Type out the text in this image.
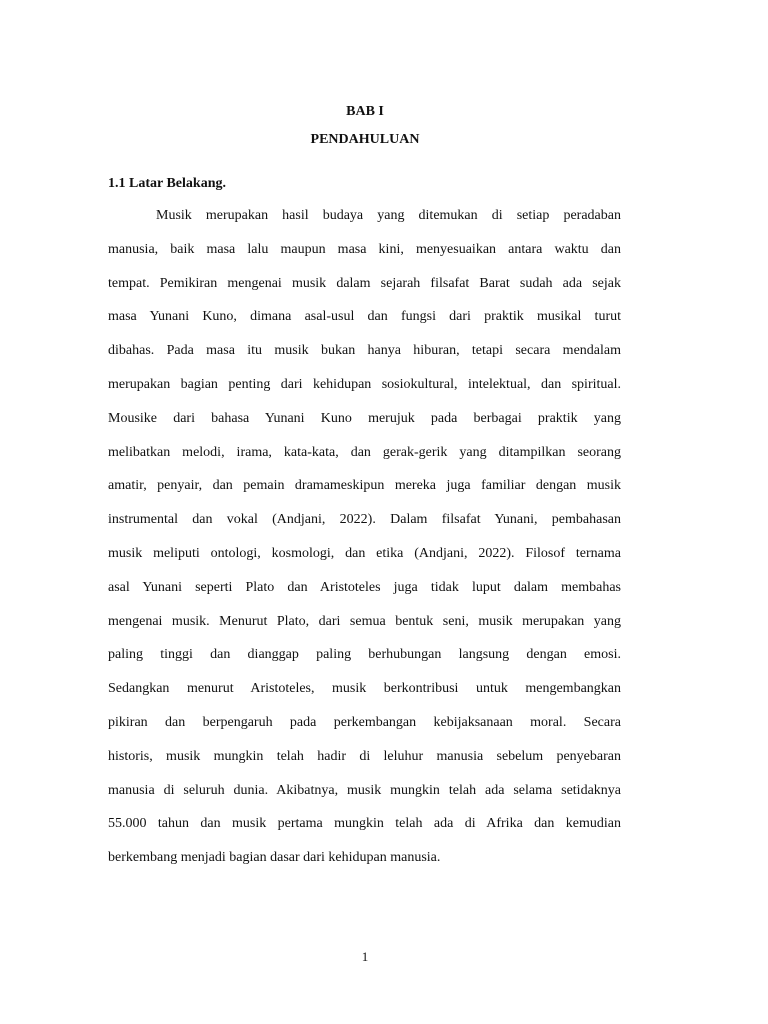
BAB I
PENDAHULUAN
1.1 Latar Belakang.
Musik merupakan hasil budaya yang ditemukan di setiap peradaban
manusia, baik masa lalu maupun masa kini, menyesuaikan antara waktu dan
tempat. Pemikiran mengenai musik dalam sejarah filsafat Barat sudah ada sejak
masa Yunani Kuno, dimana asal-usul dan fungsi dari praktik musikal turut
dibahas. Pada masa itu musik bukan hanya hiburan, tetapi secara mendalam
merupakan bagian penting dari kehidupan sosiokultural, intelektual, dan spiritual.
Mousike dari bahasa Yunani Kuno merujuk pada berbagai praktik yang
melibatkan melodi, irama, kata-kata, dan gerak-gerik yang ditampilkan seorang
amatir, penyair, dan pemain dramameskipun mereka juga familiar dengan musik
instrumental dan vokal (Andjani, 2022). Dalam filsafat Yunani, pembahasan
musik meliputi ontologi, kosmologi, dan etika (Andjani, 2022). Filosof ternama
asal Yunani seperti Plato dan Aristoteles juga tidak luput dalam membahas
mengenai musik. Menurut Plato, dari semua bentuk seni, musik merupakan yang
paling tinggi dan dianggap paling berhubungan langsung dengan emosi.
Sedangkan menurut Aristoteles, musik berkontribusi untuk mengembangkan
pikiran dan berpengaruh pada perkembangan kebijaksanaan moral. Secara
historis, musik mungkin telah hadir di leluhur manusia sebelum penyebaran
manusia di seluruh dunia. Akibatnya, musik mungkin telah ada selama setidaknya
55.000 tahun dan musik pertama mungkin telah ada di Afrika dan kemudian
berkembang menjadi bagian dasar dari kehidupan manusia.
1
